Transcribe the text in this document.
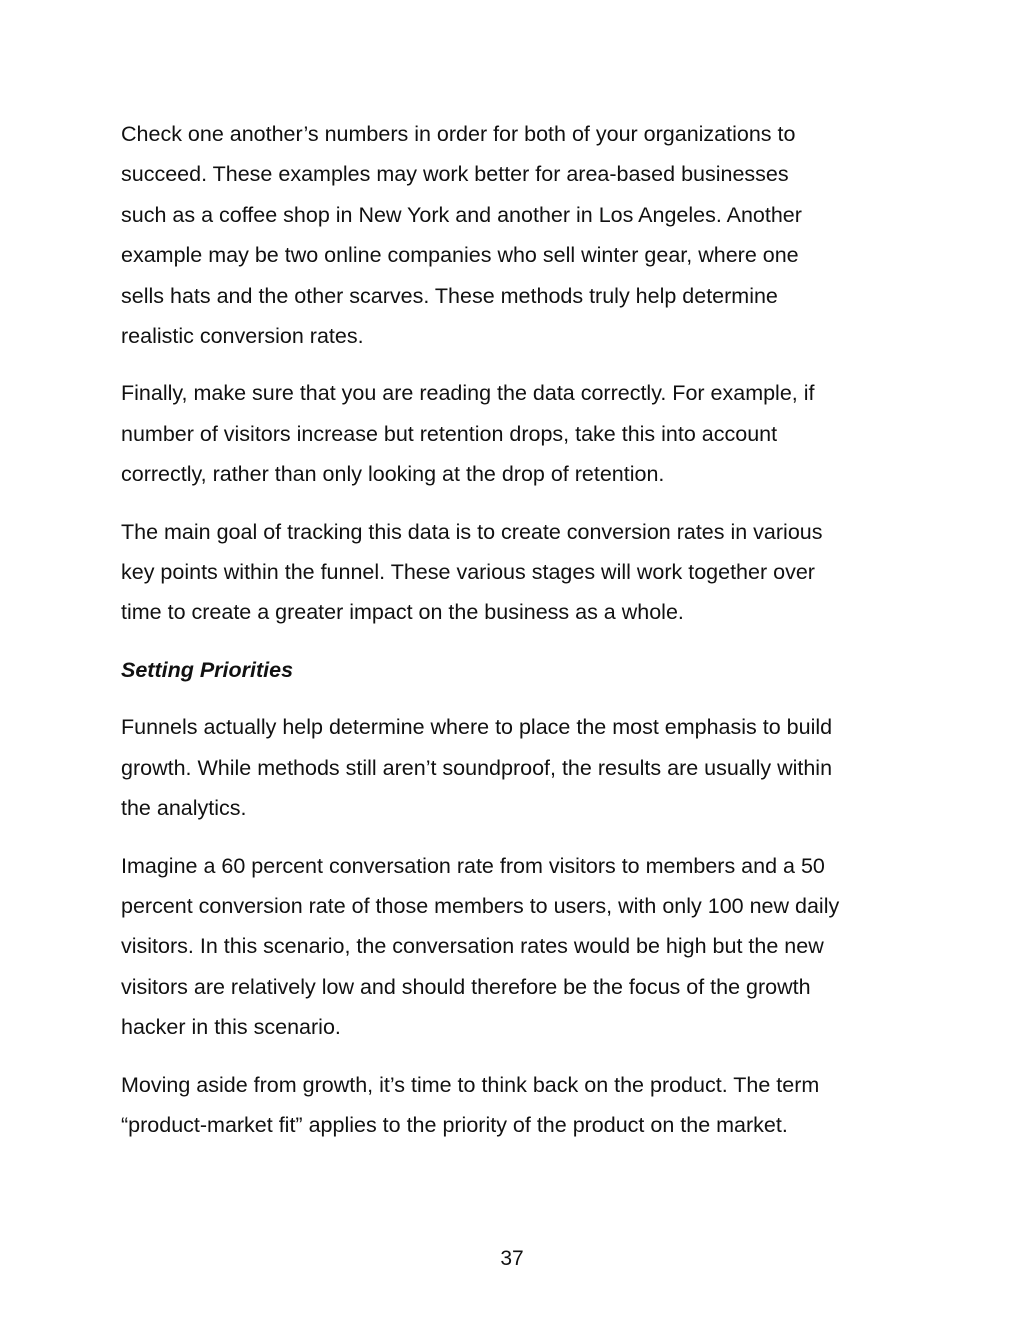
Check one another’s numbers in order for both of your organizations to
succeed. These examples may work better for area-based businesses
such as a coffee shop in New York and another in Los Angeles. Another
example may be two online companies who sell winter gear, where one
sells hats and the other scarves. These methods truly help determine
realistic conversion rates.

Finally, make sure that you are reading the data correctly. For example, if
number of visitors increase but retention drops, take this into account
correctly, rather than only looking at the drop of retention.

The main goal of tracking this data is to create conversion rates in various
key points within the funnel. These various stages will work together over
time to create a greater impact on the business as a whole.

Setting Priorities

Funnels actually help determine where to place the most emphasis to build
growth. While methods still aren’t soundproof, the results are usually within
the analytics.

Imagine a 60 percent conversation rate from visitors to members and a 50
percent conversion rate of those members to users, with only 100 new daily
visitors. In this scenario, the conversation rates would be high but the new
visitors are relatively low and should therefore be the focus of the growth
hacker in this scenario.

Moving aside from growth, it’s time to think back on the product. The term
“product-market fit” applies to the priority of the product on the market.

37
